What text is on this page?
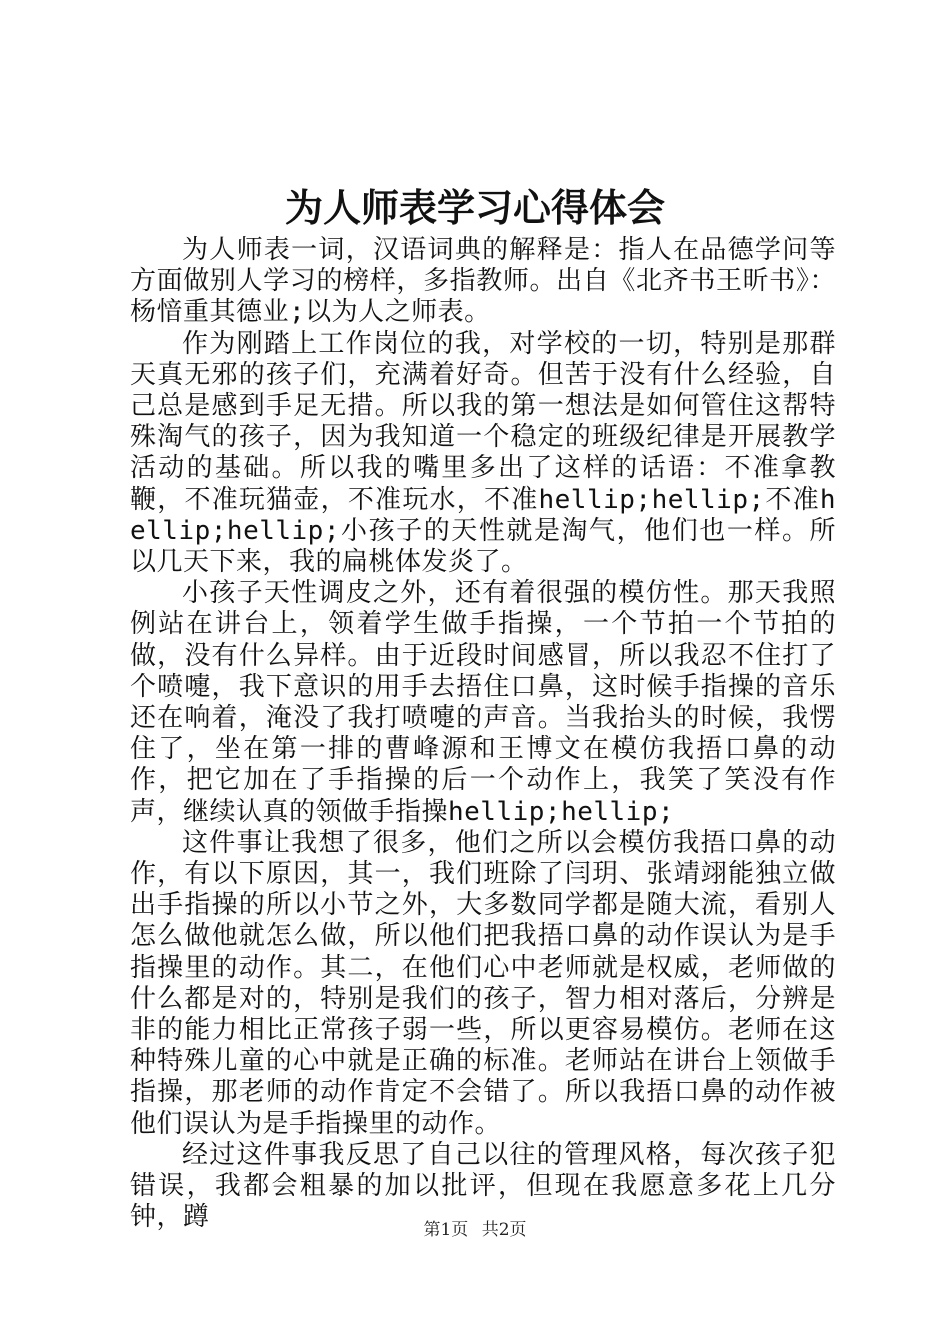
为人师表学习心得体会

为人师表一词，汉语词典的解释是：指人在品德学问等方面做别人学习的榜样，多指教师。出自《北齐书王昕书》：杨愔重其德业;以为人之师表。

作为刚踏上工作岗位的我，对学校的一切，特别是那群天真无邪的孩子们，充满着好奇。但苦于没有什么经验，自己总是感到手足无措。所以我的第一想法是如何管住这帮特殊淘气的孩子，因为我知道一个稳定的班级纪律是开展教学活动的基础。所以我的嘴里多出了这样的话语：不准拿教鞭，不准玩猫壶，不准玩水，不准hellip;hellip;不准hellip;hellip;小孩子的天性就是淘气，他们也一样。所以几天下来，我的扁桃体发炎了。

小孩子天性调皮之外，还有着很强的模仿性。那天我照例站在讲台上，领着学生做手指操，一个节拍一个节拍的做，没有什么异样。由于近段时间感冒，所以我忍不住打了个喷嚏，我下意识的用手去捂住口鼻，这时候手指操的音乐还在响着，淹没了我打喷嚏的声音。当我抬头的时候，我愣住了，坐在第一排的曹峰源和王博文在模仿我捂口鼻的动作，把它加在了手指操的后一个动作上，我笑了笑没有作声，继续认真的领做手指操hellip;hellip;

这件事让我想了很多，他们之所以会模仿我捂口鼻的动作，有以下原因，其一，我们班除了闫玥、张靖翊能独立做出手指操的所以小节之外，大多数同学都是随大流，看别人怎么做他就怎么做，所以他们把我捂口鼻的动作误认为是手指操里的动作。其二，在他们心中老师就是权威，老师做的什么都是对的，特别是我们的孩子，智力相对落后，分辨是非的能力相比正常孩子弱一些，所以更容易模仿。老师在这种特殊儿童的心中就是正确的标准。老师站在讲台上领做手指操，那老师的动作肯定不会错了。所以我捂口鼻的动作被他们误认为是手指操里的动作。

经过这件事我反思了自己以往的管理风格，每次孩子犯错误，我都会粗暴的加以批评，但现在我愿意多花上几分钟，蹲	第1页 共2页
